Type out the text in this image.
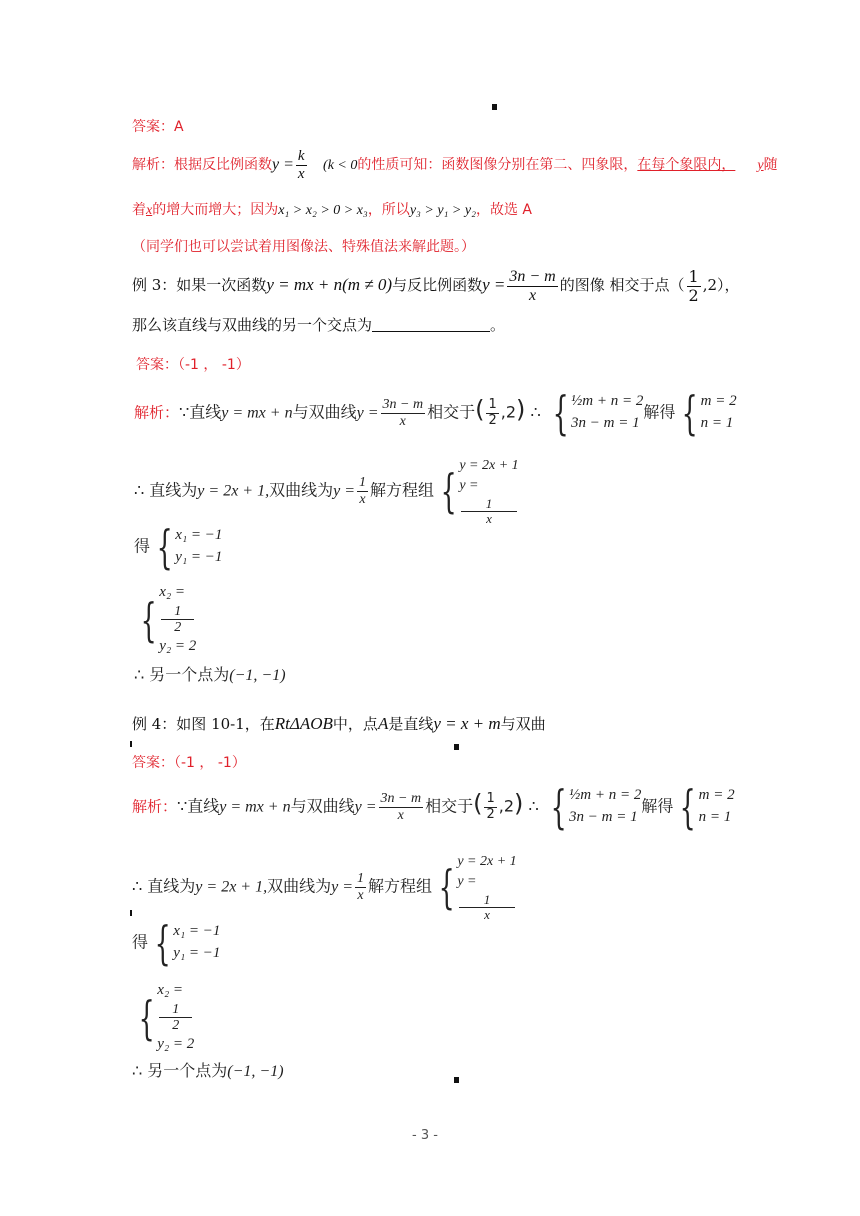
答案：A
解析：根据反比例函数$y = \frac{k}{x} (k < 0$的性质可知：函数图像分别在第二、四象限，在每个象限内， y随
着x的增大而增大；因为x₁ > x₂ > 0 > x₃，所以y₃ > y₁ > y₂，故选 A
（同学们也可以尝试着用图像法、特殊值法来解此题。）
例 3：如果一次函数y = mx + n(m ≠ 0)与反比例函数$y = \frac{3n - m}{x}$ 的图像 相交于点（ $\frac{1}{2} ,2$），
那么该直线与双曲线的另一个交点为	。
答案：（-1 ， -1）
解析：∵直线y = mx + n与双曲线$y = \frac{3n - m}{x}$ 相交于( $\frac{1}{2} ,2$) ∴ { ½m + n = 2
3n − m = 1
解得 { m = 2
n = 1
∴ 直线为y = 2x + 1,双曲线为$y = \frac{1}{x}$ 解方程组 { y = 2x + 1
y =
1
x
得 { x₁ = −1
y₁ = −1
{
x₂ =
1
2
y₂ = 2
∴ 另一个点为(−1, −1)
例 4：如图 10-1，在RtΔAOB中，点A是直线y = x + m与双曲
答案：（-1 ， -1）
解析：∵直线y = mx + n与双曲线$y = \frac{3n - m}{x}$ 相交于( $\frac{1}{2} ,2$) ∴ { ½m + n = 2
3n − m = 1
解得 { m = 2
n = 1
∴ 直线为y = 2x + 1,双曲线为$y = \frac{1}{x}$ 解方程组 { y = 2x + 1
y =
1
x
得 { x₁ = −1
y₁ = −1
{
x₂ =
1
2
y₂ = 2
∴ 另一个点为(−1, −1)
- 3 -
